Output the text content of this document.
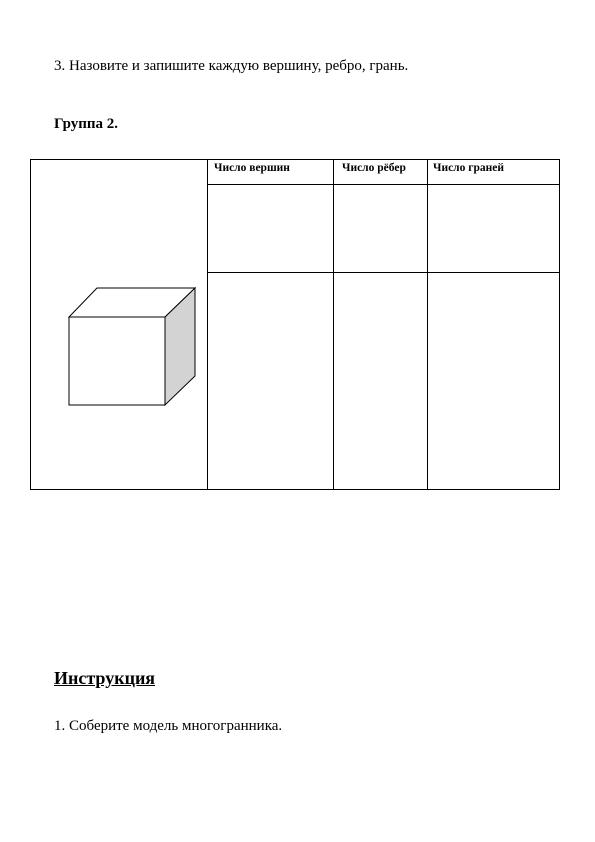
3. Назовите и запишите каждую вершину, ребро, грань.
Группа 2.
Число вершин	Число рёбер Число граней
Инструкция
1. Соберите модель многогранника.
